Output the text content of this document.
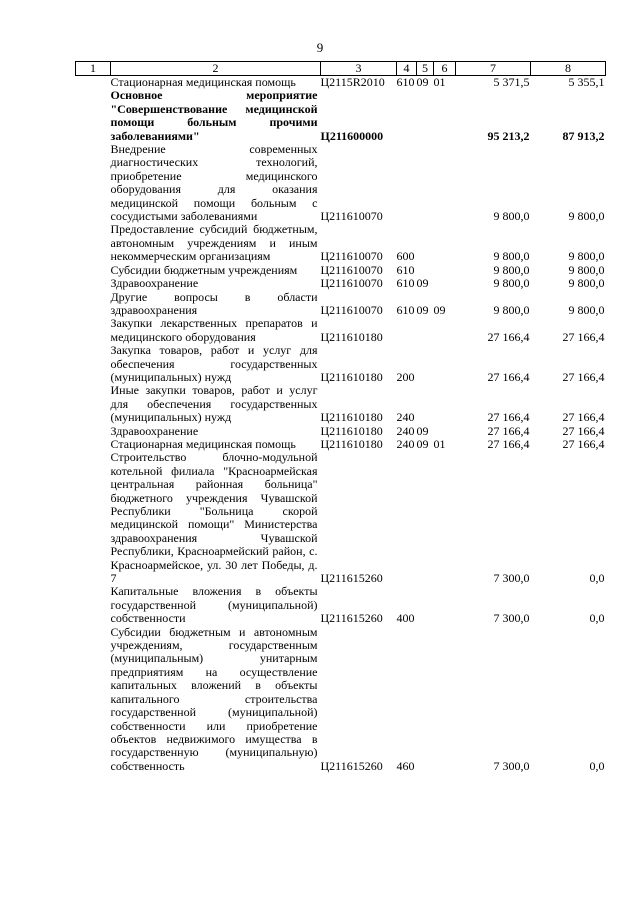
9
1	2	3	4	5	6	7	8
	Стационарная медицинская помощь	Ц2115R2010	610	09	01	5 371,5	5 355,1
	Основное мероприятие "Совершенствование медицинской помощи больным прочими заболеваниями"	Ц211600000				95 213,2	87 913,2
	Внедрение современных диагностических технологий, приобретение медицинского оборудования для оказания медицинской помощи больным с сосудистыми заболеваниями	Ц211610070				9 800,0	9 800,0
	Предоставление субсидий бюджетным, автономным учреждениям и иным некоммерческим организациям	Ц211610070	600			9 800,0	9 800,0
	Субсидии бюджетным учреждениям	Ц211610070	610			9 800,0	9 800,0
	Здравоохранение	Ц211610070	610	09		9 800,0	9 800,0
	Другие вопросы в области здравоохранения	Ц211610070	610	09	09	9 800,0	9 800,0
	Закупки лекарственных препаратов и медицинского оборудования	Ц211610180				27 166,4	27 166,4
	Закупка товаров, работ и услуг для обеспечения государственных (муниципальных) нужд	Ц211610180	200			27 166,4	27 166,4
	Иные закупки товаров, работ и услуг для обеспечения государственных (муниципальных) нужд	Ц211610180	240			27 166,4	27 166,4
	Здравоохранение	Ц211610180	240	09		27 166,4	27 166,4
	Стационарная медицинская помощь	Ц211610180	240	09	01	27 166,4	27 166,4
	Строительство блочно-модульной котельной филиала "Красноармейская центральная районная больница" бюджетного учреждения Чувашской Республики "Больница скорой медицинской помощи" Министерства здравоохранения Чувашской Республики, Красноармейский район, с. Красноармейское, ул. 30 лет Победы, д. 7	Ц211615260				7 300,0	0,0
	Капитальные вложения в объекты государственной (муниципальной) собственности	Ц211615260	400			7 300,0	0,0
	Субсидии бюджетным и автономным учреждениям, государственным (муниципальным) унитарным предприятиям на осуществление капитальных вложений в объекты капитального строительства государственной (муниципальной) собственности или приобретение объектов недвижимого имущества в государственную (муниципальную) собственность	Ц211615260	460			7 300,0	0,0
